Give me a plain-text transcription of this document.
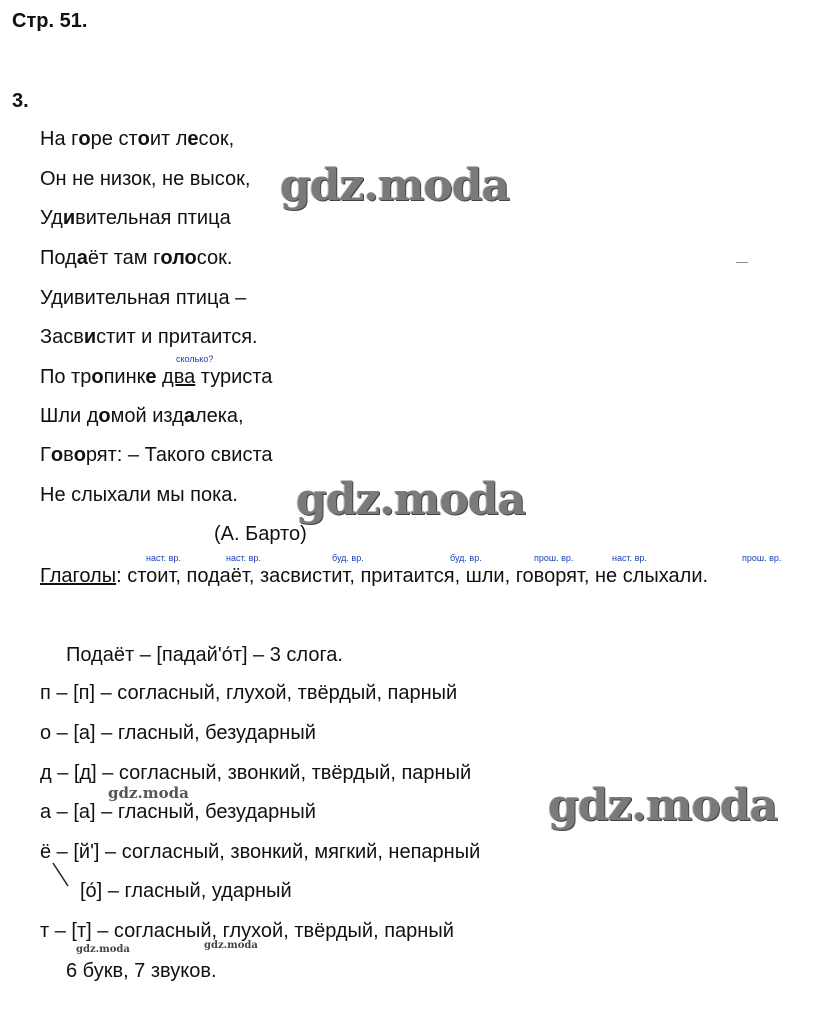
Стр. 51.
3.
На горе стоит лесок,
Он не низок, не высок,
Удивительная птица
Подаёт там голосок.
Удивительная птица –
Засвистит и притаится.
По тропинке два туриста
Шли домой издалека,
Говорят: – Такого свиста
Не слыхали мы пока.
сколько?
(А. Барто)
наст. вр.	наст. вр.	буд. вр.	буд. вр.	прош. вр.	наст. вр.	прош. вр.
Глаголы: стоит, подаёт, засвистит, притаится, шли, говорят, не слыхали.
Подаёт – [падай'о́т] – 3 слога.
п – [п] – согласный, глухой, твёрдый, парный
о – [а] – гласный, безударный
д – [д] – согласный, звонкий, твёрдый, парный
а – [а] – гласный, безударный
ё – [й'] – согласный, звонкий, мягкий, непарный
[о́] – гласный, ударный
т – [т] – согласный, глухой, твёрдый, парный
6 букв, 7 звуков.
gdz.moda
gdz.moda
gdz.moda
gdz.moda
gdz.moda	gdz.moda
